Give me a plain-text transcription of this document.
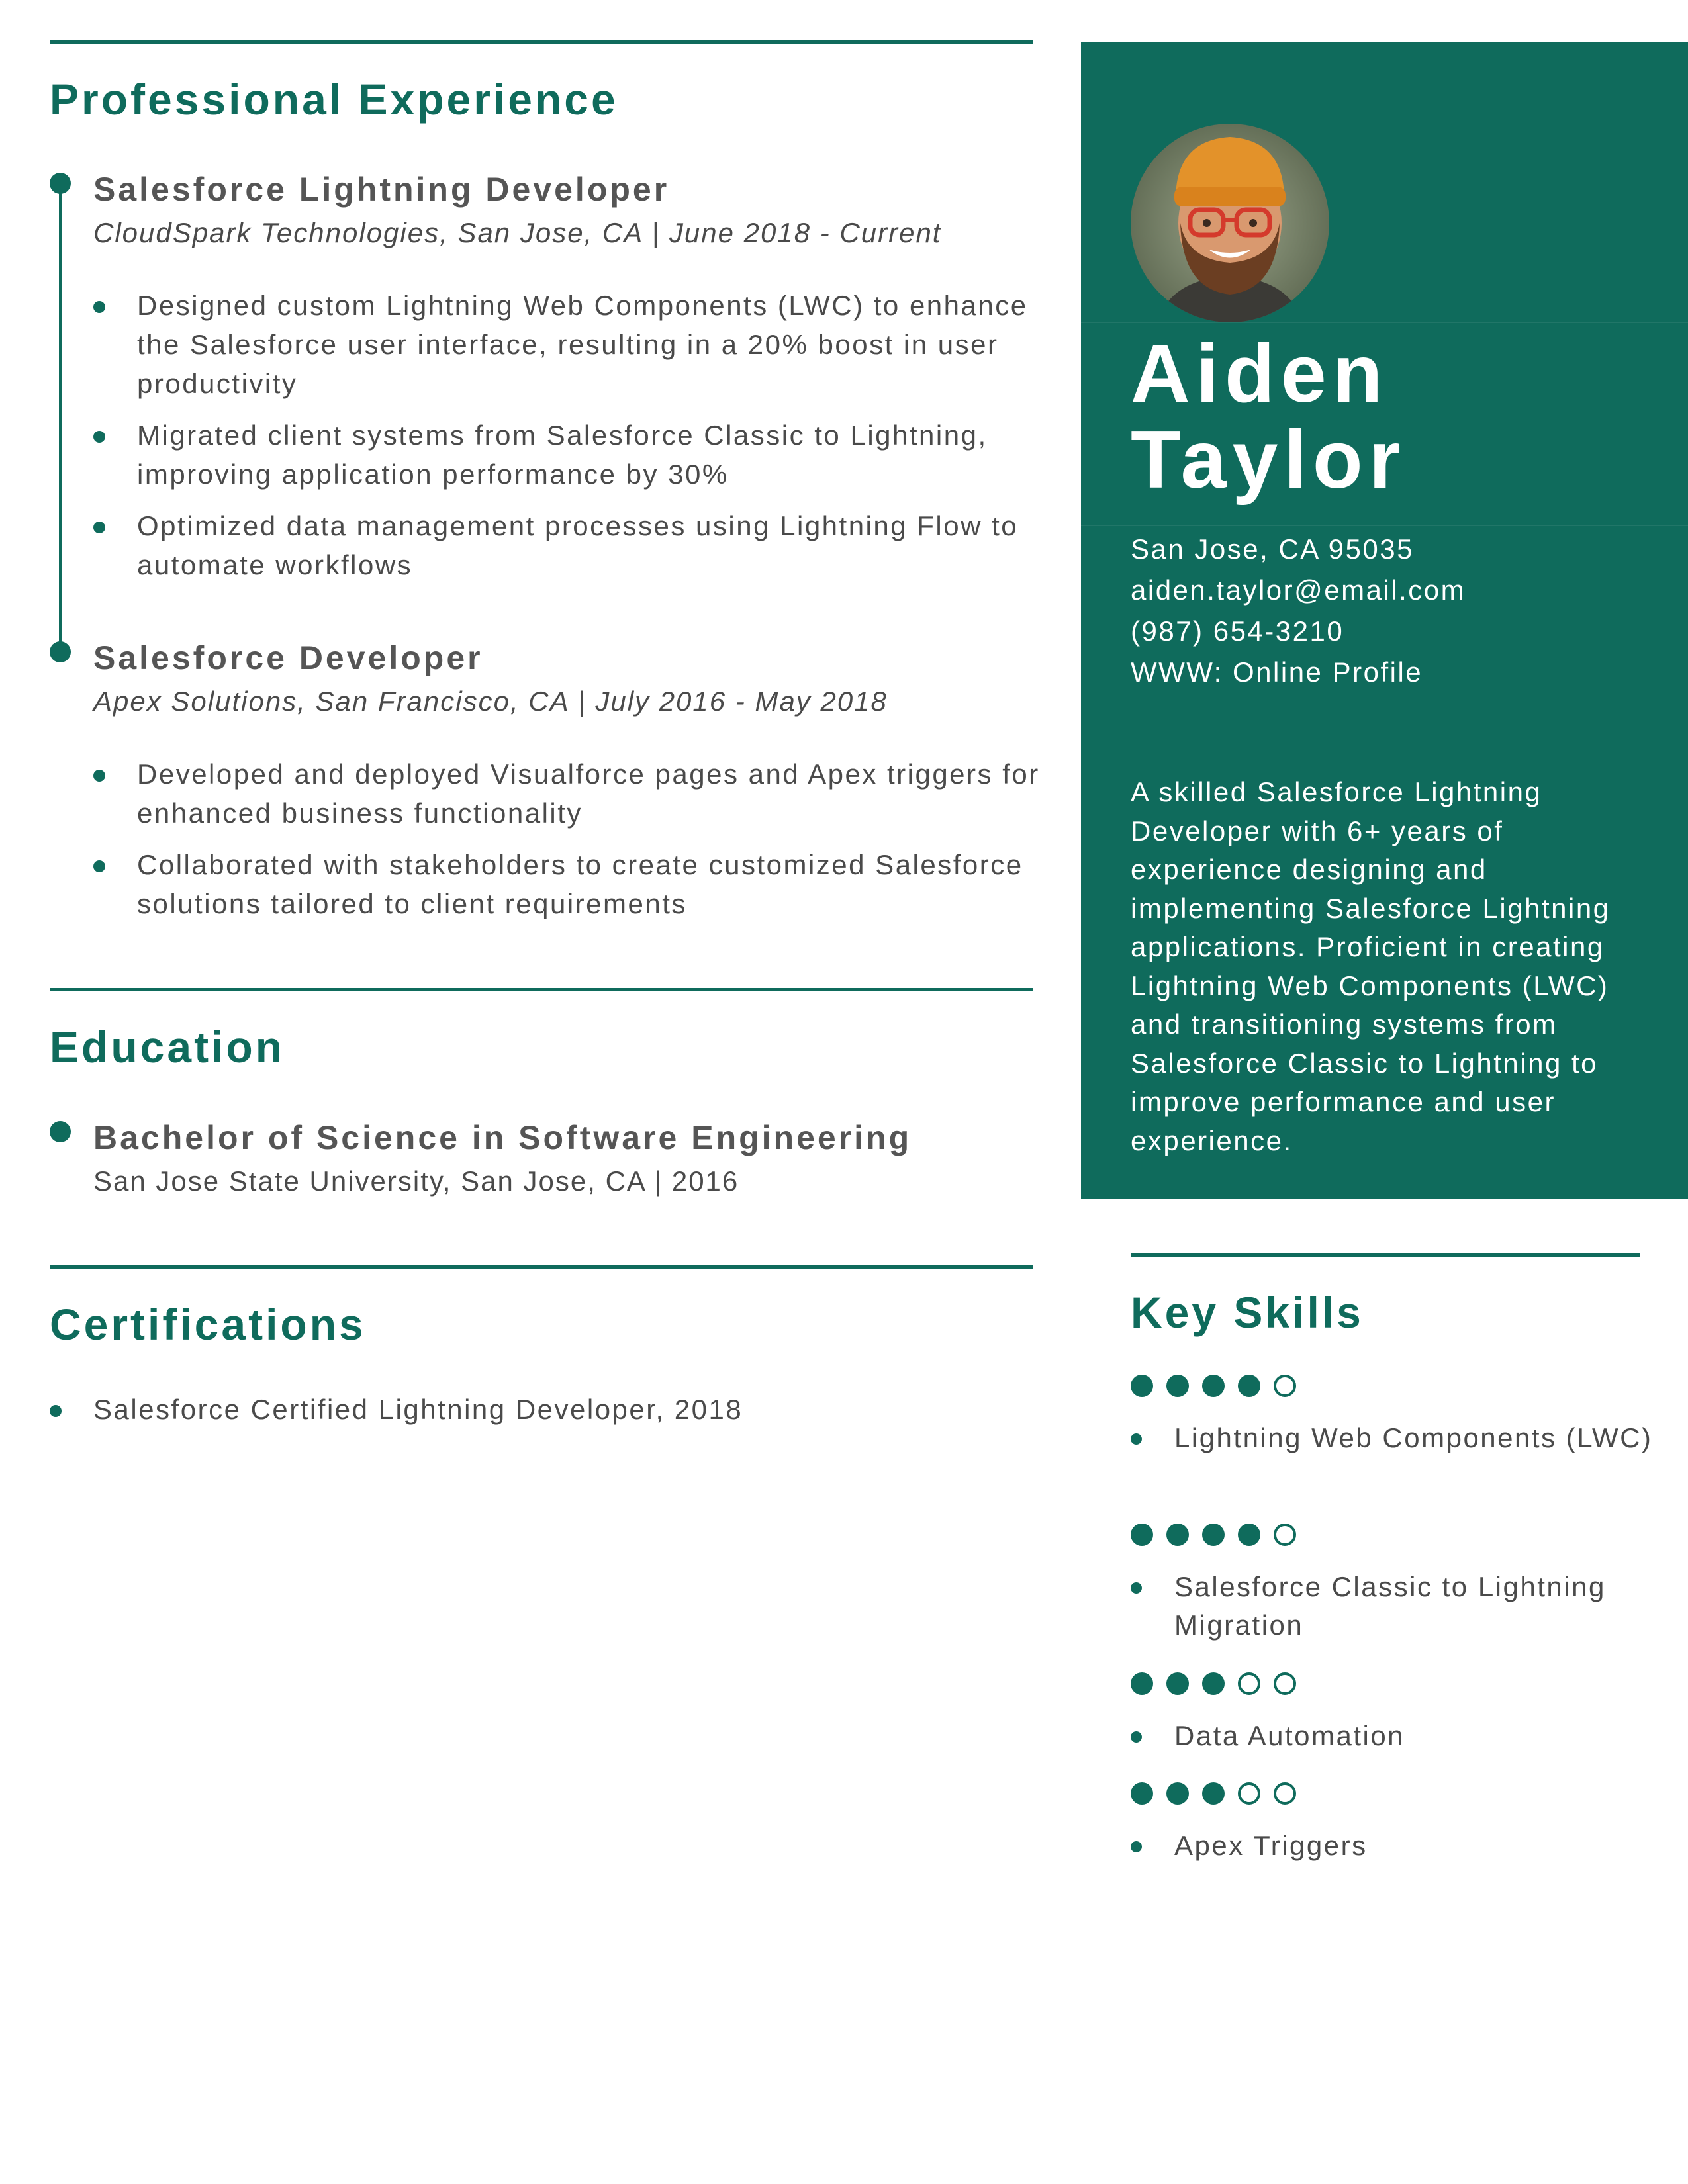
Professional Experience
Salesforce Lightning Developer
CloudSpark Technologies, San Jose, CA | June 2018 - Current
Designed custom Lightning Web Components (LWC) to enhance the Salesforce user interface, resulting in a 20% boost in user productivity
Migrated client systems from Salesforce Classic to Lightning, improving application performance by 30%
Optimized data management processes using Lightning Flow to automate workflows
Salesforce Developer
Apex Solutions, San Francisco, CA | July 2016 - May 2018
Developed and deployed Visualforce pages and Apex triggers for enhanced business functionality
Collaborated with stakeholders to create customized Salesforce solutions tailored to client requirements
Education
Bachelor of Science in Software Engineering
San Jose State University, San Jose, CA | 2016
Certifications
Salesforce Certified Lightning Developer, 2018
Aiden
Taylor
San Jose, CA 95035
aiden.taylor@email.com
(987) 654-3210
WWW: Online Profile
A skilled Salesforce Lightning Developer with 6+ years of experience designing and implementing Salesforce Lightning applications. Proficient in creating Lightning Web Components (LWC) and transitioning systems from Salesforce Classic to Lightning to improve performance and user experience.
Key Skills
Lightning Web Components (LWC)
Salesforce Classic to Lightning Migration
Data Automation
Apex Triggers
